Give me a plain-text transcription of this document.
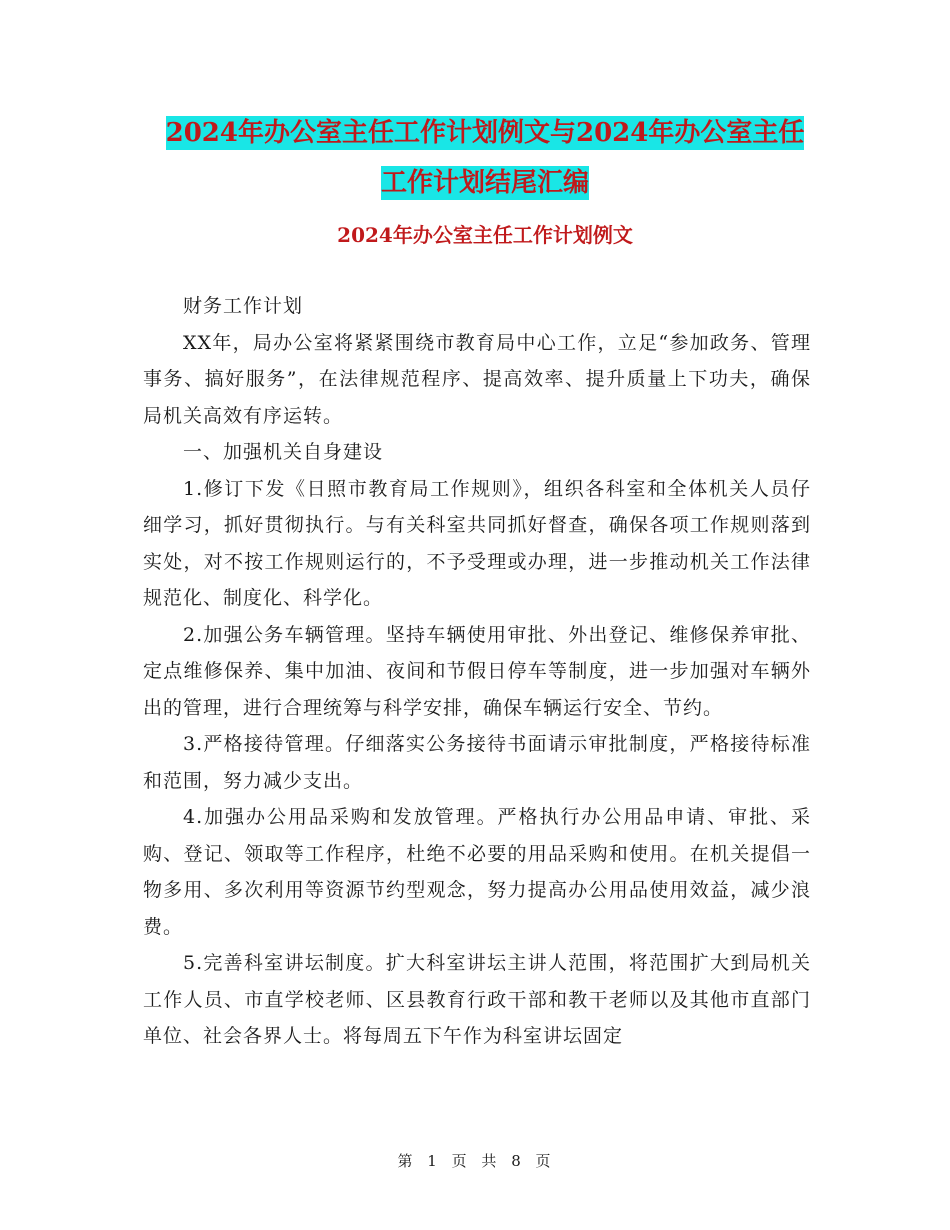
2024年办公室主任工作计划例文与2024年办公室主任
工作计划结尾汇编
2024年办公室主任工作计划例文

财务工作计划

XX年，局办公室将紧紧围绕市教育局中心工作，立足“参加政务、管理事务、搞好服务”，在法律规范程序、提高效率、提升质量上下功夫，确保局机关高效有序运转。

一、加强机关自身建设

1.修订下发《日照市教育局工作规则》，组织各科室和全体机关人员仔细学习，抓好贯彻执行。与有关科室共同抓好督查，确保各项工作规则落到实处，对不按工作规则运行的，不予受理或办理，进一步推动机关工作法律规范化、制度化、科学化。

2.加强公务车辆管理。坚持车辆使用审批、外出登记、维修保养审批、定点维修保养、集中加油、夜间和节假日停车等制度，进一步加强对车辆外出的管理，进行合理统筹与科学安排，确保车辆运行安全、节约。

3.严格接待管理。仔细落实公务接待书面请示审批制度，严格接待标准和范围，努力减少支出。

4.加强办公用品采购和发放管理。严格执行办公用品申请、审批、采购、登记、领取等工作程序，杜绝不必要的用品采购和使用。在机关提倡一物多用、多次利用等资源节约型观念，努力提高办公用品使用效益，减少浪费。

5.完善科室讲坛制度。扩大科室讲坛主讲人范围，将范围扩大到局机关工作人员、市直学校老师、区县教育行政干部和教干老师以及其他市直部门单位、社会各界人士。将每周五下午作为科室讲坛固定

第 1 页 共 8 页
